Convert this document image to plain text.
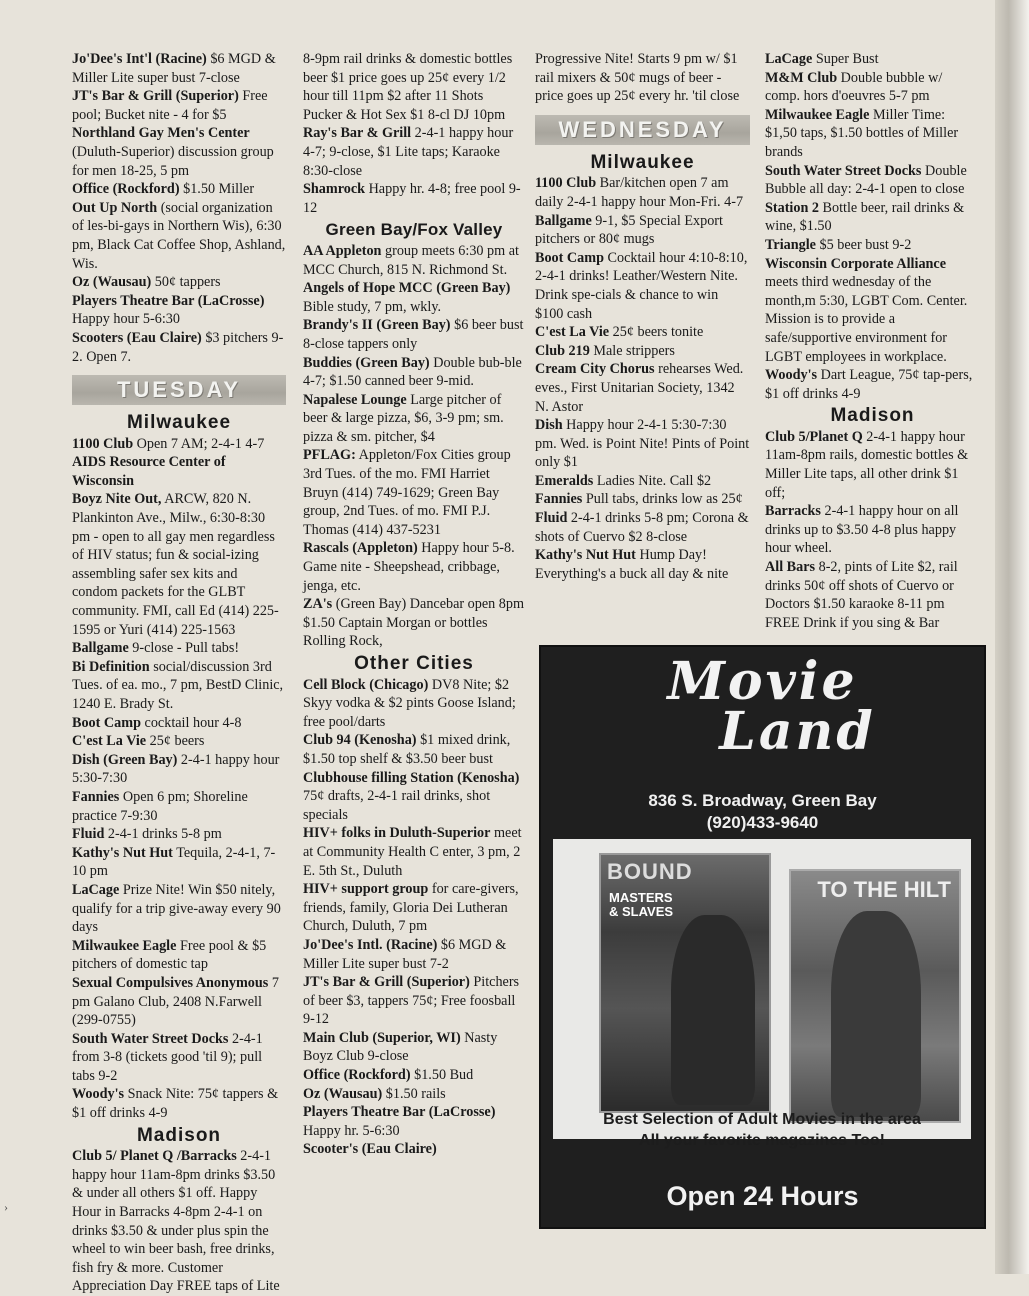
Jo'Dee's Int'l (Racine) $6 MGD & Miller Lite super bust 7-close

JT's Bar & Grill (Superior) Free pool; Bucket nite - 4 for $5

Northland Gay Men's Center (Duluth-Superior) discussion group for men 18-25, 5 pm

Office (Rockford) $1.50 Miller

Out Up North (social organization of les-bi-gays in Northern Wis), 6:30 pm, Black Cat Coffee Shop, Ashland, Wis.

Oz (Wausau) 50¢ tappers

Players Theatre Bar (LaCrosse) Happy hour 5-6:30

Scooters (Eau Claire) $3 pitchers 9-2. Open 7.

TUESDAY
Milwaukee

1100 Club Open 7 AM; 2-4-1 4-7

AIDS Resource Center of Wisconsin

Boyz Nite Out, ARCW, 820 N. Plankinton Ave., Milw., 6:30-8:30 pm - open to all gay men regardless of HIV status; fun & social-izing assembling safer sex kits and condom packets for the GLBT community. FMI, call Ed (414) 225-1595 or Yuri (414) 225-1563

Ballgame 9-close - Pull tabs!

Bi Definition social/discussion 3rd Tues. of ea. mo., 7 pm, BestD Clinic, 1240 E. Brady St.

Boot Camp cocktail hour 4-8

C'est La Vie 25¢ beers

Dish (Green Bay) 2-4-1 happy hour 5:30-7:30

Fannies Open 6 pm; Shoreline practice 7-9:30

Fluid 2-4-1 drinks 5-8 pm

Kathy's Nut Hut Tequila, 2-4-1, 7-10 pm

LaCage Prize Nite! Win $50 nitely, qualify for a trip give-away every 90 days

Milwaukee Eagle Free pool & $5 pitchers of domestic tap

Sexual Compulsives Anonymous 7 pm Galano Club, 2408 N.Farwell (299-0755)

South Water Street Docks 2-4-1 from 3-8 (tickets good 'til 9); pull tabs 9-2

Woody's Snack Nite: 75¢ tappers & $1 off drinks 4-9

Madison

Club 5/ Planet Q /Barracks 2-4-1 happy hour 11am-8pm drinks $3.50 & under all others $1 off. Happy Hour in Barracks 4-8pm 2-4-1 on drinks $3.50 & under plus spin the wheel to win beer bash, free drinks, fish fry & more. Customer Appreciation Day FREE taps of Lite

8-9pm rail drinks & domestic bottles beer $1 price goes up 25¢ every 1/2 hour till 11pm $2 after 11 Shots Pucker & Hot Sex $1 8-cl DJ 10pm

Ray's Bar & Grill 2-4-1 happy hour 4-7; 9-close, $1 Lite taps; Karaoke 8:30-close

Shamrock Happy hr. 4-8; free pool 9-12

Green Bay/Fox Valley

AA Appleton group meets 6:30 pm at MCC Church, 815 N. Richmond St.

Angels of Hope MCC (Green Bay) Bible study, 7 pm, wkly.

Brandy's II (Green Bay) $6 beer bust 8-close tappers only

Buddies (Green Bay) Double bub-ble 4-7; $1.50 canned beer 9-mid.

Napalese Lounge Large pitcher of beer & large pizza, $6, 3-9 pm; sm. pizza & sm. pitcher, $4

PFLAG: Appleton/Fox Cities group 3rd Tues. of the mo. FMI Harriet Bruyn (414) 749-1629; Green Bay group, 2nd Tues. of mo. FMI P.J. Thomas (414) 437-5231

Rascals (Appleton) Happy hour 5-8. Game nite - Sheepshead, cribbage, jenga, etc.

ZA's (Green Bay) Dancebar open 8pm $1.50 Captain Morgan or bottles Rolling Rock,

Other Cities

Cell Block (Chicago) DV8 Nite; $2 Skyy vodka & $2 pints Goose Island; free pool/darts

Club 94 (Kenosha) $1 mixed drink, $1.50 top shelf & $3.50 beer bust

Clubhouse filling Station (Kenosha) 75¢ drafts, 2-4-1 rail drinks, shot specials

HIV+ folks in Duluth-Superior meet at Community Health C enter, 3 pm, 2 E. 5th St., Duluth

HIV+ support group for care-givers, friends, family, Gloria Dei Lutheran Church, Duluth, 7 pm

Jo'Dee's Intl. (Racine) $6 MGD & Miller Lite super bust 7-2

JT's Bar & Grill (Superior) Pitchers of beer $3, tappers 75¢; Free foosball 9-12

Main Club (Superior, WI) Nasty Boyz Club 9-close

Office (Rockford) $1.50 Bud

Oz (Wausau) $1.50 rails

Players Theatre Bar (LaCrosse) Happy hr. 5-6:30

Scooter's (Eau Claire)

Progressive Nite! Starts 9 pm w/ $1 rail mixers & 50¢ mugs of beer - price goes up 25¢ every hr. 'til close

WEDNESDAY
Milwaukee

1100 Club Bar/kitchen open 7 am daily 2-4-1 happy hour Mon-Fri. 4-7

Ballgame 9-1, $5 Special Export pitchers or 80¢ mugs

Boot Camp Cocktail hour 4:10-8:10, 2-4-1 drinks! Leather/Western Nite. Drink spe-cials & chance to win $100 cash

C'est La Vie 25¢ beers tonite

Club 219 Male strippers

Cream City Chorus rehearses Wed. eves., First Unitarian Society, 1342 N. Astor

Dish Happy hour 2-4-1 5:30-7:30 pm. Wed. is Point Nite! Pints of Point only $1

Emeralds Ladies Nite. Call $2

Fannies Pull tabs, drinks low as 25¢

Fluid 2-4-1 drinks 5-8 pm; Corona & shots of Cuervo $2 8-close

Kathy's Nut Hut Hump Day! Everything's a buck all day & nite

LaCage Super Bust

M&M Club Double bubble w/ comp. hors d'oeuvres 5-7 pm

Milwaukee Eagle Miller Time: $1,50 taps, $1.50 bottles of Miller brands

South Water Street Docks Double Bubble all day: 2-4-1 open to close

Station 2 Bottle beer, rail drinks & wine, $1.50

Triangle $5 beer bust 9-2

Wisconsin Corporate Alliance meets third wednesday of the month,m 5:30, LGBT Com. Center. Mission is to provide a safe/supportive environment for LGBT employees in workplace.

Woody's Dart League, 75¢ tap-pers, $1 off drinks 4-9

Madison

Club 5/Planet Q 2-4-1 happy hour 11am-8pm rails, domestic bottles & Miller Lite taps, all other drink $1 off;

Barracks 2-4-1 happy hour on all drinks up to $3.50 4-8 plus happy hour wheel.

All Bars 8-2, pints of Lite $2, rail drinks 50¢ off shots of Cuervo or Doctors $1.50 karaoke 8-11 pm FREE Drink if you sing & Bar

Movie
Land
836 S. Broadway, Green Bay
(920)433-9640
BOUND
MASTERS & SLAVES
TO THE HILT
Best Selection of Adult Movies in the area
All your favorite magazines Too!
Open 24 Hours
›
